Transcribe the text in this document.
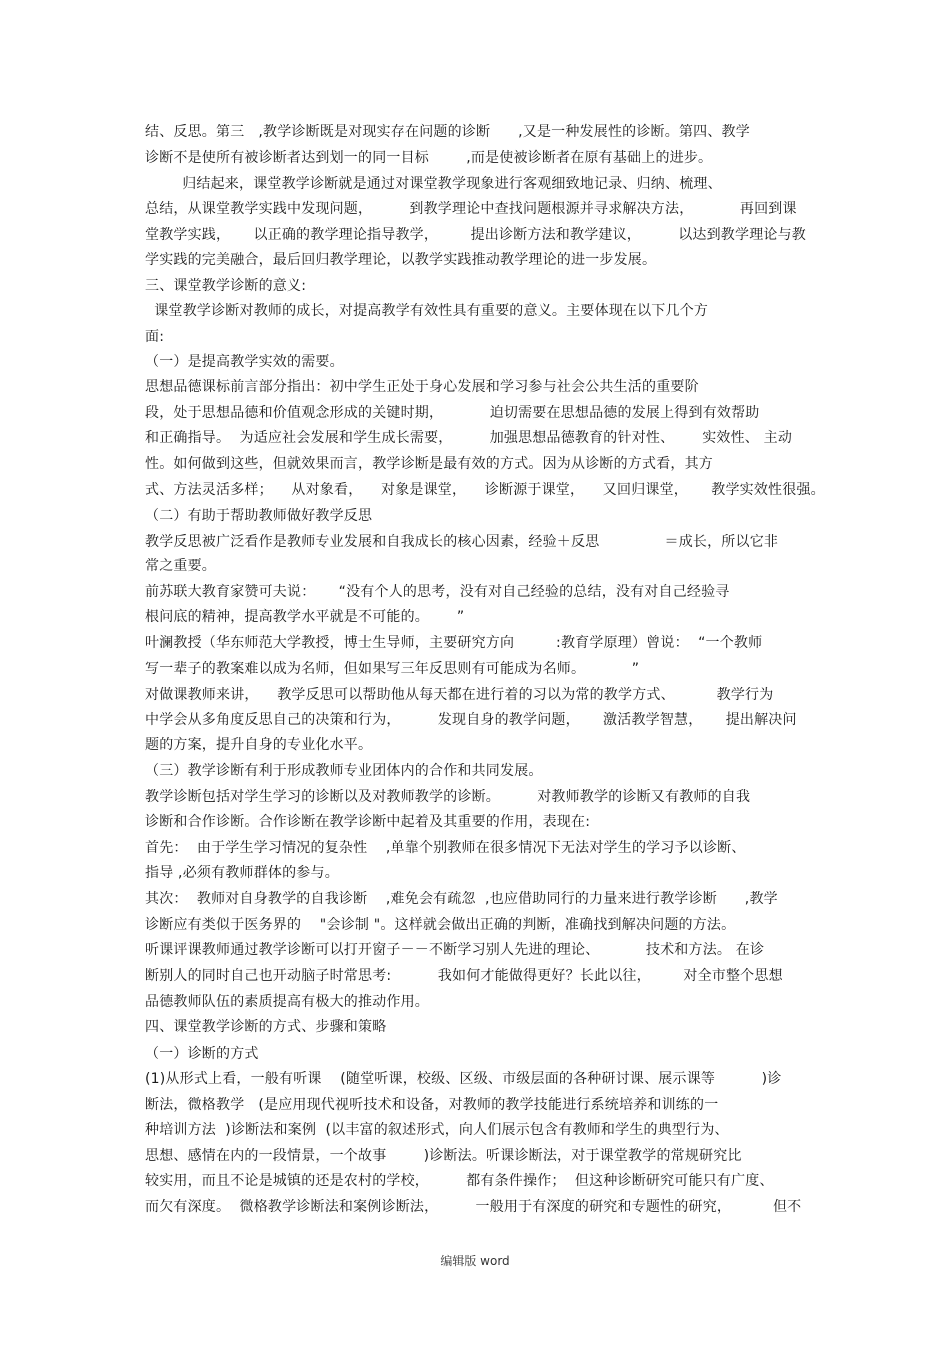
结、反思。第三   ,教学诊断既是对现实存在问题的诊断      ,又是一种发展性的诊断。第四、教学
诊断不是使所有被诊断者达到划一的同一目标        ,而是使被诊断者在原有基础上的进步。
归结起来，课堂教学诊断就是通过对课堂教学现象进行客观细致地记录、归纳、梳理、
总结，从课堂教学实践中发现问题，        到教学理论中查找问题根源并寻求解决方法，          再回到课
堂教学实践，     以正确的教学理论指导教学，       提出诊断方法和教学建议，        以达到教学理论与教
学实践的完美融合，最后回归教学理论，以教学实践推动教学理论的进一步发展。
三、课堂教学诊断的意义:
课堂教学诊断对教师的成长，对提高教学有效性具有重要的意义。主要体现在以下几个方
面:
（一）是提高教学实效的需要。
思想品德课标前言部分指出：初中学生正处于身心发展和学习参与社会公共生活的重要阶
段，处于思想品德和价值观念形成的关键时期，          迫切需要在思想品德的发展上得到有效帮助
和正确指导。  为适应社会发展和学生成长需要，        加强思想品德教育的针对性、      实效性、 主动
性。如何做到这些，但就效果而言，教学诊断是最有效的方式。因为从诊断的方式看，其方
式、方法灵活多样；    从对象看，    对象是课堂，    诊断源于课堂，    又回归课堂，     教学实效性很强。
（二）有助于帮助教师做好教学反思
教学反思被广泛看作是教师专业发展和自我成长的核心因素，经验＋反思              ＝成长，所以它非
常之重要。
前苏联大教育家赞可夫说：     “没有个人的思考，没有对自己经验的总结，没有对自己经验寻
根问底的精神，提高教学水平就是不可能的。      ”
叶澜教授（华东师范大学教授，博士生导师，主要研究方向         :教育学原理）曾说：  “一个教师
写一辈子的教案难以成为名师，但如果写三年反思则有可能成为名师。          ”
对做课教师来讲，    教学反思可以帮助他从每天都在进行着的习以为常的教学方式、         教学行为
中学会从多角度反思自己的决策和行为，        发现自身的教学问题，     激活教学智慧，     提出解决问
题的方案，提升自身的专业化水平。
（三）教学诊断有利于形成教师专业团体内的合作和共同发展。
教学诊断包括对学生学习的诊断以及对教师教学的诊断。        对教师教学的诊断又有教师的自我
诊断和合作诊断。合作诊断在教学诊断中起着及其重要的作用，表现在:
首先：  由于学生学习情况的复杂性    ,单靠个别教师在很多情况下无法对学生的学习予以诊断、
指导 ,必须有教师群体的参与。
其次：  教师对自身教学的自我诊断    ,难免会有疏忽  ,也应借助同行的力量来进行教学诊断      ,教学
诊断应有类似于医务界的    "会诊制 "。这样就会做出正确的判断，准确找到解决问题的方法。
听课评课教师通过教学诊断可以打开窗子－－不断学习别人先进的理论、          技术和方法。 在诊
断别人的同时自己也开动脑子时常思考:          我如何才能做得更好？长此以往，       对全市整个思想
品德教师队伍的素质提高有极大的推动作用。
四、课堂教学诊断的方式、步骤和策略
（一）诊断的方式
(1)从形式上看，一般有听课    (随堂听课，校级、区级、市级层面的各种研讨课、展示课等          )诊
断法，微格教学   (是应用现代视听技术和设备，对教师的教学技能进行系统培养和训练的一
种培训方法  )诊断法和案例  (以丰富的叙述形式，向人们展示包含有教师和学生的典型行为、
思想、感情在内的一段情景，一个故事        )诊断法。听课诊断法，对于课堂教学的常规研究比
较实用，而且不论是城镇的还是农村的学校，        都有条件操作；  但这种诊断研究可能只有广度、
而欠有深度。  微格教学诊断法和案例诊断法，        一般用于有深度的研究和专题性的研究，         但不
编辑版 word
